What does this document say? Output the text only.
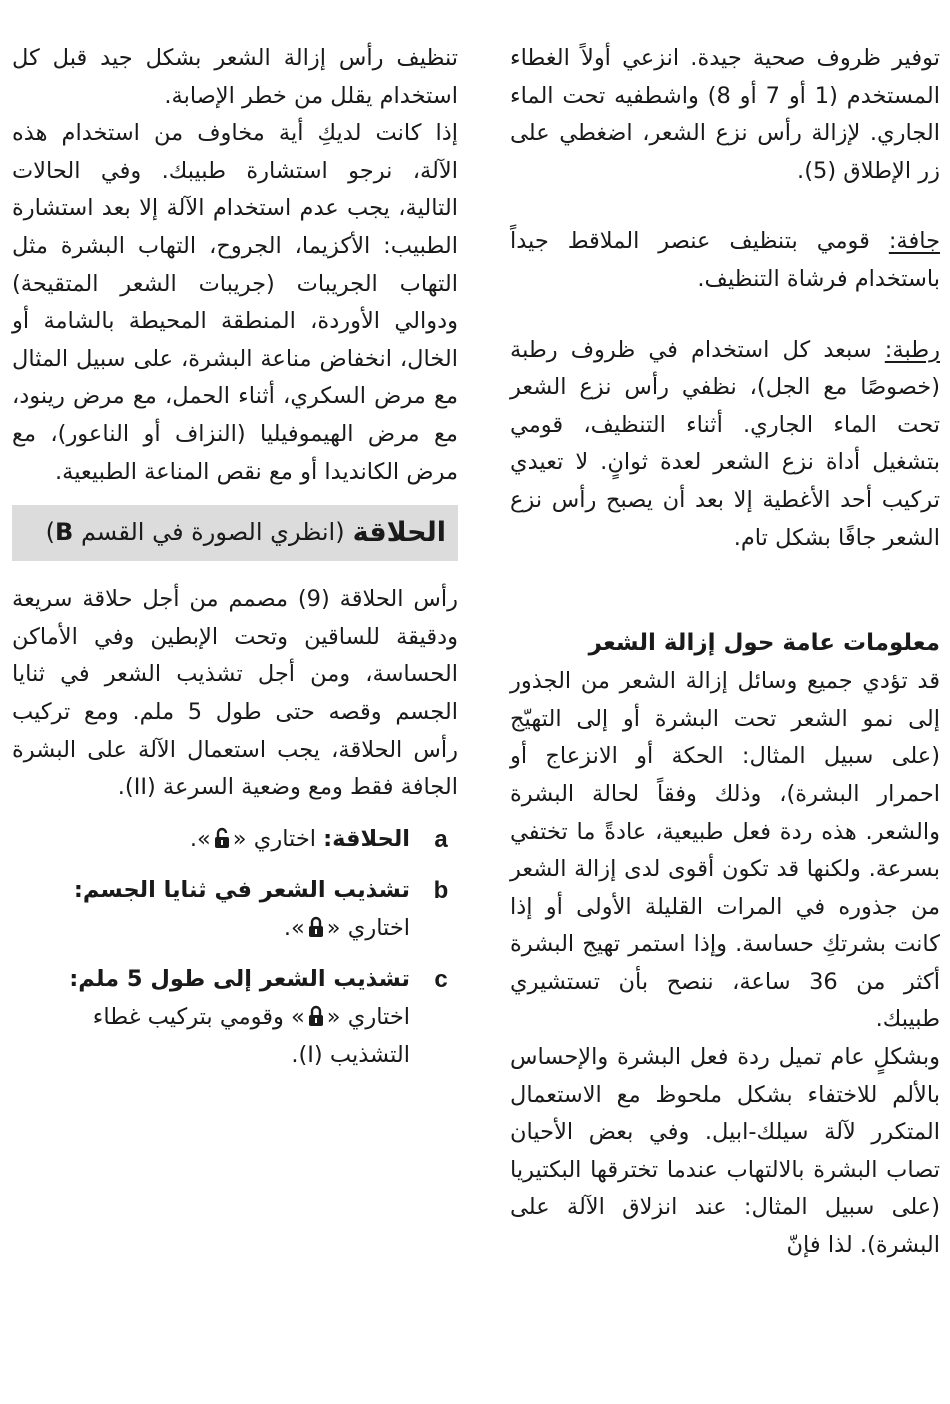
توفير ظروف صحية جيدة. انزعي أولاً الغطاء المستخدم (1 أو 7 أو 8) واشطفيه تحت الماء الجاري. لإزالة رأس نزع الشعر، اضغطي على زر الإطلاق (5).

جافة: قومي بتنظيف عنصر الملاقط جيداً باستخدام فرشاة التنظيف.

رطبة: سبعد كل استخدام في ظروف رطبة (خصوصًا مع الجل)، نظفي رأس نزع الشعر تحت الماء الجاري. أثناء التنظيف، قومي بتشغيل أداة نزع الشعر لعدة ثوانٍ. لا تعيدي تركيب أحد الأغطية إلا بعد أن يصبح رأس نزع الشعر جافًا بشكل تام.

معلومات عامة حول إزالة الشعر

قد تؤدي جميع وسائل إزالة الشعر من الجذور إلى نمو الشعر تحت البشرة أو إلى التهيّج (على سبيل المثال: الحكة أو الانزعاج أو احمرار البشرة)، وذلك وفقاً لحالة البشرة والشعر. هذه ردة فعل طبيعية، عادةً ما تختفي بسرعة. ولكنها قد تكون أقوى لدى إزالة الشعر من جذوره في المرات القليلة الأولى أو إذا كانت بشرتكِ حساسة. وإذا استمر تهيج البشرة أكثر من 36 ساعة، ننصح بأن تستشيري طبيبك.

وبشكلٍ عام تميل ردة فعل البشرة والإحساس بالألم للاختفاء بشكل ملحوظ مع الاستعمال المتكرر لآلة سيلك-ابيل. وفي بعض الأحيان تصاب البشرة بالالتهاب عندما تخترقها البكتيريا (على سبيل المثال: عند انزلاق الآلة على البشرة). لذا فإنّ

تنظيف رأس إزالة الشعر بشكل جيد قبل كل استخدام يقلل من خطر الإصابة.

إذا كانت لديكِ أية مخاوف من استخدام هذه الآلة، نرجو استشارة طبيبك. وفي الحالات التالية، يجب عدم استخدام الآلة إلا بعد استشارة الطبيب: الأكزيما، الجروح، التهاب البشرة مثل التهاب الجريبات (جريبات الشعر المتقيحة) ودوالي الأوردة، المنطقة المحيطة بالشامة أو الخال، انخفاض مناعة البشرة، على سبيل المثال مع مرض السكري، أثناء الحمل، مع مرض رينود، مع مرض الهيموفيليا (النزاف أو الناعور)، مع مرض الكانديدا أو مع نقص المناعة الطبيعية.

الحلاقة
(انظري الصورة في القسم

B
)

رأس الحلاقة (9) مصمم من أجل حلاقة سريعة ودقيقة للساقين وتحت الإبطين وفي الأماكن الحساسة، ومن أجل تشذيب الشعر في ثنايا الجسم وقصه حتى طول 5 ملم. ومع تركيب رأس الحلاقة، يجب استعمال الآلة على البشرة الجافة فقط ومع وضعية السرعة (II).

a
الحلاقة: اختاري «».
b
تشذيب الشعر في ثنايا الجسم:
اختاري «».
c
تشذيب الشعر إلى طول 5 ملم:
اختاري «» وقومي بتركيب غطاء التشذيب (I).
